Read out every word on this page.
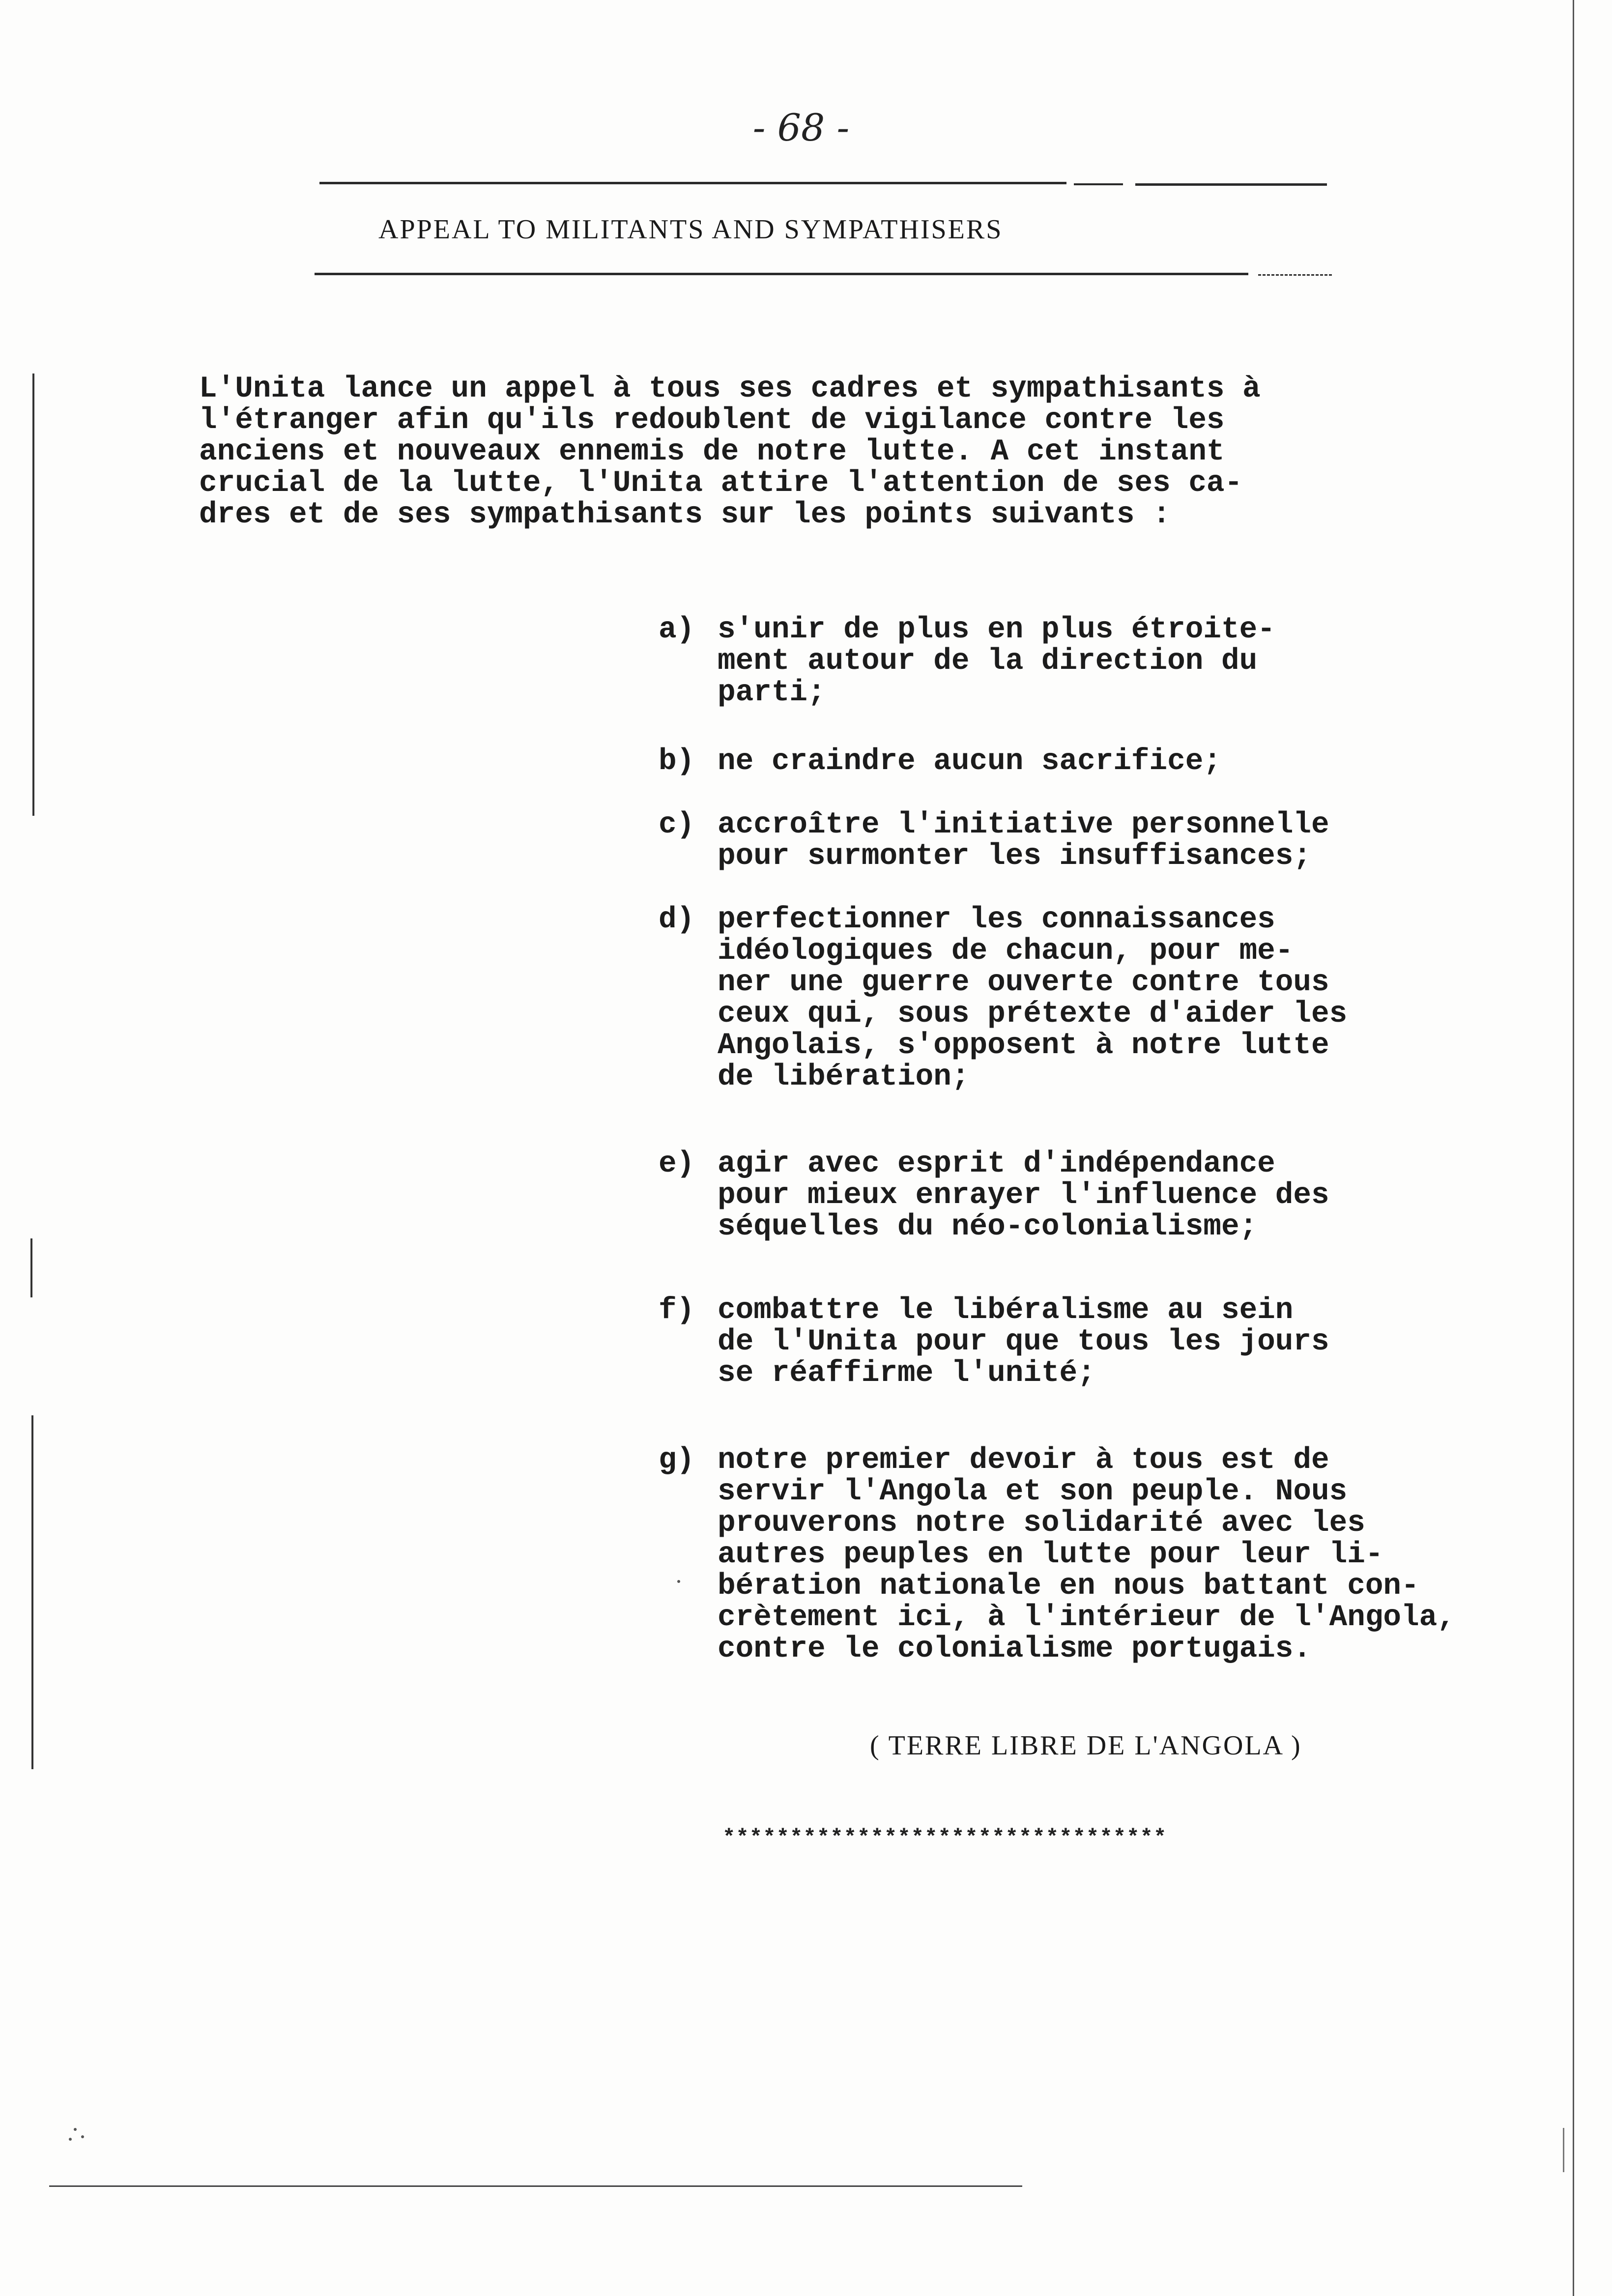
- 68 -
APPEAL TO MILITANTS AND SYMPATHISERS
L'Unita lance un appel à tous ses cadres et sympathisants à
l'étranger afin qu'ils redoublent de vigilance contre les
anciens et nouveaux ennemis de notre lutte. A cet instant
crucial de la lutte, l'Unita attire l'attention de ses ca-
dres et de ses sympathisants sur les points suivants :
a) s'unir de plus en plus étroite-
ment autour de la direction du
parti;
b) ne craindre aucun sacrifice;
c) accroître l'initiative personnelle
pour surmonter les insuffisances;
d) perfectionner les connaissances
idéologiques de chacun, pour me-
ner une guerre ouverte contre tous
ceux qui, sous prétexte d'aider les
Angolais, s'opposent à notre lutte
de libération;
e) agir avec esprit d'indépendance
pour mieux enrayer l'influence des
séquelles du néo-colonialisme;
f) combattre le libéralisme au sein
de l'Unita pour que tous les jours
se réaffirme l'unité;
g) notre premier devoir à tous est de
servir l'Angola et son peuple. Nous
prouverons notre solidarité avec les
autres peuples en lutte pour leur li-
bération nationale en nous battant con-
crètement ici, à l'intérieur de l'Angola,
contre le colonialisme portugais.
( TERRE LIBRE DE L'ANGOLA )
*********************************
